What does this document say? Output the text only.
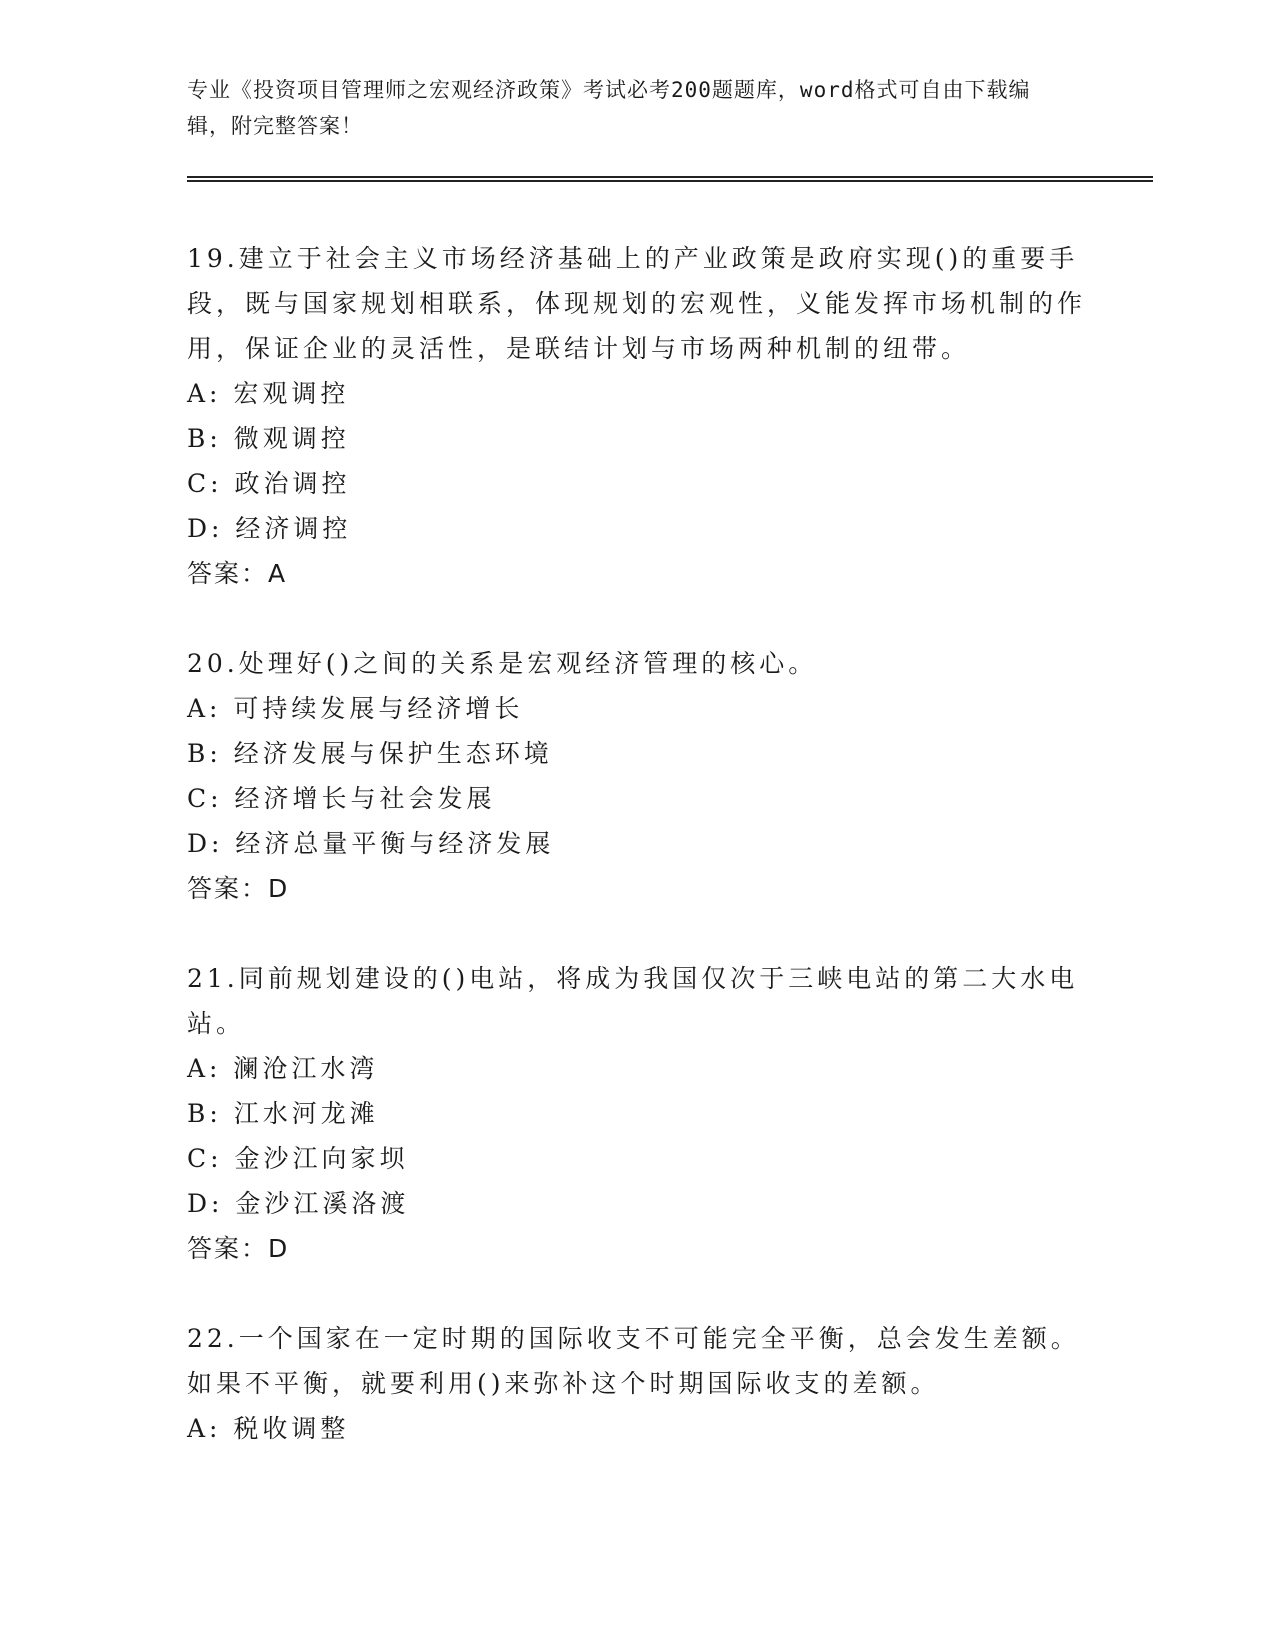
专业《投资项目管理师之宏观经济政策》考试必考200题题库，word格式可自由下载编辑，附完整答案！
19.建立于社会主义市场经济基础上的产业政策是政府实现()的重要手段，既与国家规划相联系，体现规划的宏观性，义能发挥市场机制的作用，保证企业的灵活性，是联结计划与市场两种机制的纽带。
A: 宏观调控
B: 微观调控
C: 政治调控
D: 经济调控
答案：A
20.处理好()之间的关系是宏观经济管理的核心。
A: 可持续发展与经济增长
B: 经济发展与保护生态环境
C: 经济增长与社会发展
D: 经济总量平衡与经济发展
答案：D
21.同前规划建设的()电站，将成为我国仅次于三峡电站的第二大水电站。
A: 澜沧江水湾
B: 江水河龙滩
C: 金沙江向家坝
D: 金沙江溪洛渡
答案：D
22.一个国家在一定时期的国际收支不可能完全平衡，总会发生差额。如果不平衡，就要利用()来弥补这个时期国际收支的差额。
A: 税收调整
